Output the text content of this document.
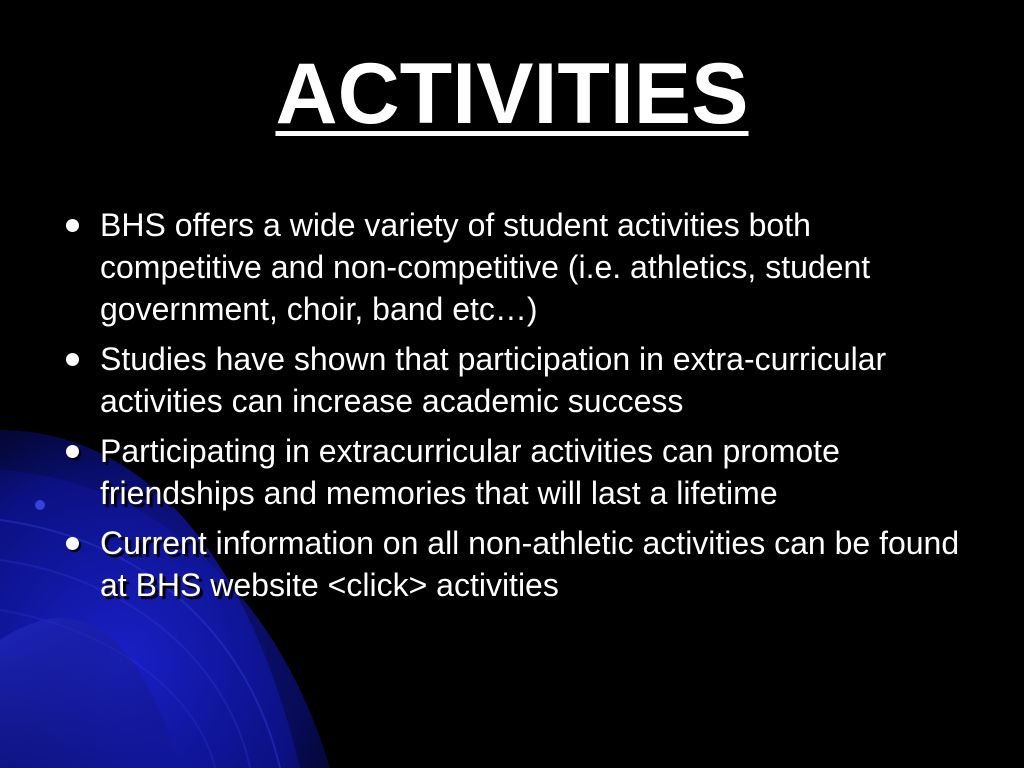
ACTIVITIES
BHS offers a wide variety of student activities both competitive and non-competitive (i.e. athletics, student government, choir, band etc…)
Studies have shown that participation in extra-curricular activities can increase academic success
Participating in extracurricular activities can promote friendships and memories that will last a lifetime
Current information on all non-athletic activities can be found at BHS website <click> activities
